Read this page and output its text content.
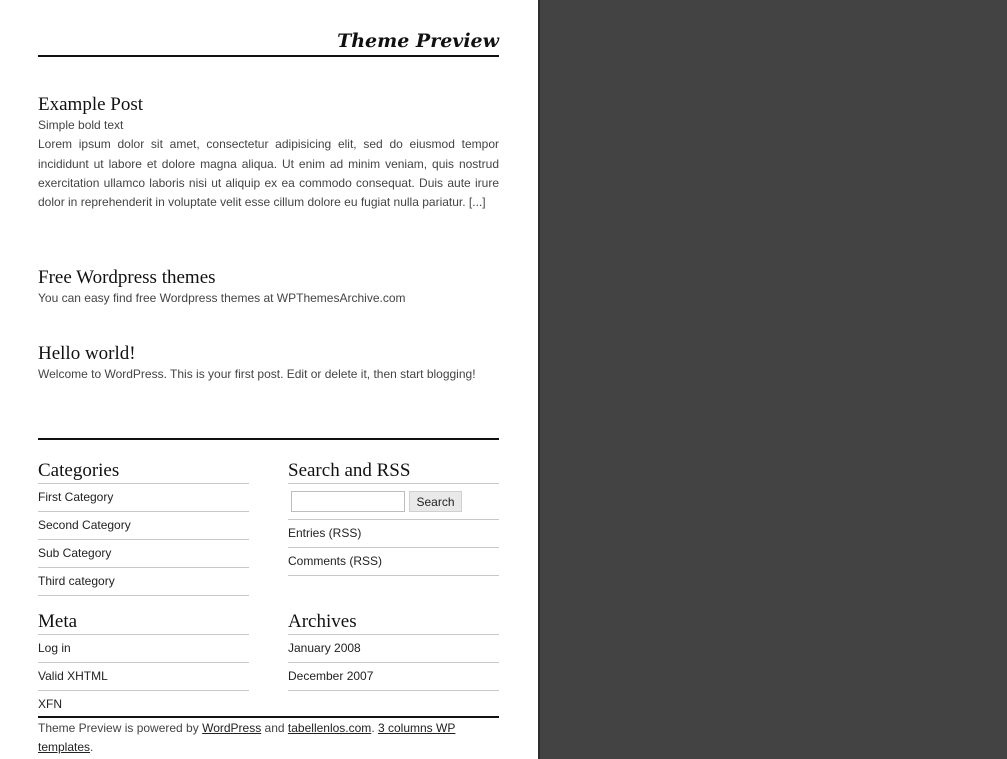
Theme Preview
Example Post

Simple bold text

Lorem ipsum dolor sit amet, consectetur adipisicing elit, sed do eiusmod tempor incididunt ut labore et dolore magna aliqua. Ut enim ad minim veniam, quis nostrud exercitation ullamco laboris nisi ut aliquip ex ea commodo consequat. Duis aute irure dolor in reprehenderit in voluptate velit esse cillum dolore eu fugiat nulla pariatur. [...]

Free Wordpress themes

You can easy find free Wordpress themes at WPThemesArchive.com

Hello world!

Welcome to WordPress. This is your first post. Edit or delete it, then start blogging!

Categories
First Category
Second Category
Sub Category
Third category
Search and RSS
Search
Entries (RSS)
Comments (RSS)
Meta
Log in
Valid XHTML
XFN
Archives
January 2008
December 2007
Theme Preview is powered by WordPress and tabellenlos.com. 3 columns WP templates.
